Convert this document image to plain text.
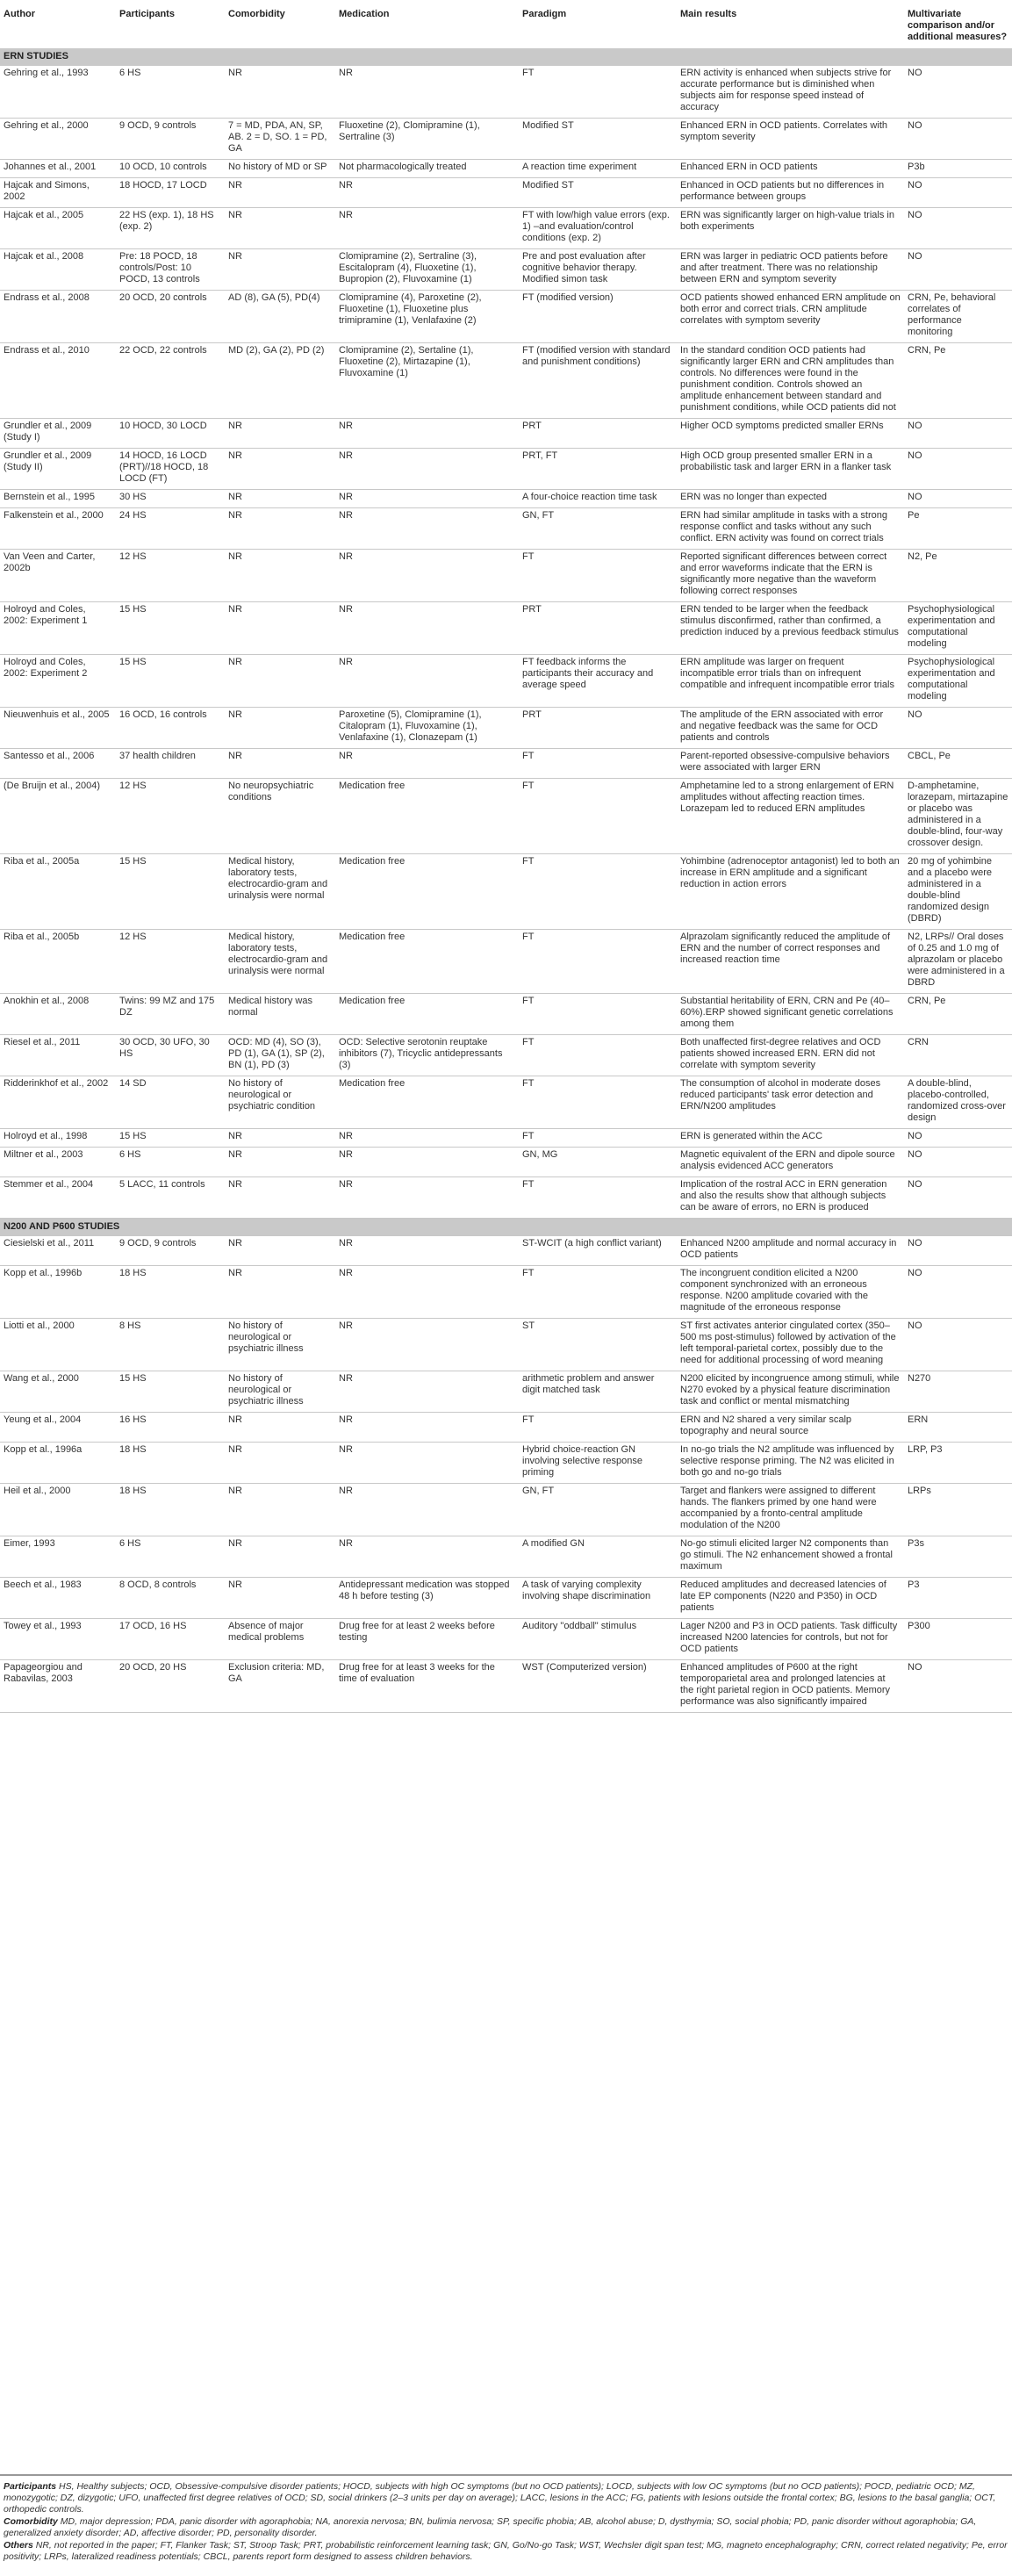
Author	Participants	Comorbidity	Medication	Paradigm	Main results	Multivariate comparison and/or additional measures?
ERN STUDIES						
Gehring et al., 1993	6 HS	NR	NR	FT	ERN activity is enhanced when subjects strive for accurate performance but is diminished when subjects aim for response speed instead of accuracy	NO
Gehring et al., 2000	9 OCD, 9 controls	7 = MD, PDA, AN, SP, AB. 2 = D, SO. 1 = PD, GA	Fluoxetine (2), Clomipramine (1), Sertraline (3)	Modified ST	Enhanced ERN in OCD patients. Correlates with symptom severity	NO
Johannes et al., 2001	10 OCD, 10 controls	No history of MD or SP	Not pharmacologically treated	A reaction time experiment	Enhanced ERN in OCD patients	P3b
Hajcak and Simons, 2002	18 HOCD, 17 LOCD	NR	NR	Modified ST	Enhanced in OCD patients but no differences in performance between groups	NO
Hajcak et al., 2005	22 HS (exp. 1), 18 HS (exp. 2)	NR	NR	FT with low/high value errors (exp. 1) –and evaluation/control conditions (exp. 2)	ERN was significantly larger on high-value trials in both experiments	NO
Hajcak et al., 2008	Pre: 18 POCD, 18 controls/Post: 10 POCD, 13 controls	NR	Clomipramine (2), Sertraline (3), Escitalopram (4), Fluoxetine (1), Bupropion (2), Fluvoxamine (1)	Pre and post evaluation after cognitive behavior therapy. Modified simon task	ERN was larger in pediatric OCD patients before and after treatment. There was no relationship between ERN and symptom severity	NO
Endrass et al., 2008	20 OCD, 20 controls	AD (8), GA (5), PD(4)	Clomipramine (4), Paroxetine (2), Fluoxetine (1), Fluoxetine plus trimipramine (1), Venlafaxine (2)	FT (modified version)	OCD patients showed enhanced ERN amplitude on both error and correct trials. CRN amplitude correlates with symptom severity	CRN, Pe, behavioral correlates of performance monitoring
Endrass et al., 2010	22 OCD, 22 controls	MD (2), GA (2), PD (2)	Clomipramine (2), Sertaline (1), Fluoxetine (2), Mirtazapine (1), Fluvoxamine (1)	FT (modified version with standard and punishment conditions)	In the standard condition OCD patients had significantly larger ERN and CRN amplitudes than controls. No differences were found in the punishment condition. Controls showed an amplitude enhancement between standard and punishment conditions, while OCD patients did not	CRN, Pe
Grundler et al., 2009 (Study I)	10 HOCD, 30 LOCD	NR	NR	PRT	Higher OCD symptoms predicted smaller ERNs	NO
Grundler et al., 2009 (Study II)	14 HOCD, 16 LOCD (PRT)//18 HOCD, 18 LOCD (FT)	NR	NR	PRT, FT	High OCD group presented smaller ERN in a probabilistic task and larger ERN in a flanker task	NO
Bernstein et al., 1995	30 HS	NR	NR	A four-choice reaction time task	ERN was no longer than expected	NO
Falkenstein et al., 2000	24 HS	NR	NR	GN, FT	ERN had similar amplitude in tasks with a strong response conflict and tasks without any such conflict. ERN activity was found on correct trials	Pe
Van Veen and Carter, 2002b	12 HS	NR	NR	FT	Reported significant differences between correct and error waveforms indicate that the ERN is significantly more negative than the waveform following correct responses	N2, Pe
Holroyd and Coles, 2002: Experiment 1	15 HS	NR	NR	PRT	ERN tended to be larger when the feedback stimulus disconfirmed, rather than confirmed, a prediction induced by a previous feedback stimulus	Psychophysiological experimentation and computational modeling
Holroyd and Coles, 2002: Experiment 2	15 HS	NR	NR	FT feedback informs the participants their accuracy and average speed	ERN amplitude was larger on frequent incompatible error trials than on infrequent compatible and infrequent incompatible error trials	Psychophysiological experimentation and computational modeling
Nieuwenhuis et al., 2005	16 OCD, 16 controls	NR	Paroxetine (5), Clomipramine (1), Citalopram (1), Fluvoxamine (1), Venlafaxine (1), Clonazepam (1)	PRT	The amplitude of the ERN associated with error and negative feedback was the same for OCD patients and controls	NO
Santesso et al., 2006	37 health children	NR	NR	FT	Parent-reported obsessive-compulsive behaviors were associated with larger ERN	CBCL, Pe
(De Bruijn et al., 2004)	12 HS	No neuropsychiatric conditions	Medication free	FT	Amphetamine led to a strong enlargement of ERN amplitudes without affecting reaction times. Lorazepam led to reduced ERN amplitudes	D-amphetamine, lorazepam, mirtazapine or placebo was administered in a double-blind, four-way crossover design.
Riba et al., 2005a	15 HS	Medical history, laboratory tests, electrocardio-gram and urinalysis were normal	Medication free	FT	Yohimbine (adrenoceptor antagonist) led to both an increase in ERN amplitude and a significant reduction in action errors	20 mg of yohimbine and a placebo were administered in a double-blind randomized design (DBRD)
Riba et al., 2005b	12 HS	Medical history, laboratory tests, electrocardio-gram and urinalysis were normal	Medication free	FT	Alprazolam significantly reduced the amplitude of ERN and the number of correct responses and increased reaction time	N2, LRPs// Oral doses of 0.25 and 1.0 mg of alprazolam or placebo were administered in a DBRD
Anokhin et al., 2008	Twins: 99 MZ and 175 DZ	Medical history was normal	Medication free	FT	Substantial heritability of ERN, CRN and Pe (40–60%).ERP showed significant genetic correlations among them	CRN, Pe
Riesel et al., 2011	30 OCD, 30 UFO, 30 HS	OCD: MD (4), SO (3), PD (1), GA (1), SP (2), BN (1), PD (3)	OCD: Selective serotonin reuptake inhibitors (7), Tricyclic antidepressants (3)	FT	Both unaffected first-degree relatives and OCD patients showed increased ERN. ERN did not correlate with symptom severity	CRN
Ridderinkhof et al., 2002	14 SD	No history of neurological or psychiatric condition	Medication free	FT	The consumption of alcohol in moderate doses reduced participants' task error detection and ERN/N200 amplitudes	A double-blind, placebo-controlled, randomized cross-over design
Holroyd et al., 1998	15 HS	NR	NR	FT	ERN is generated within the ACC	NO
Miltner et al., 2003	6 HS	NR	NR	GN, MG	Magnetic equivalent of the ERN and dipole source analysis evidenced ACC generators	NO
Stemmer et al., 2004	5 LACC, 11 controls	NR	NR	FT	Implication of the rostral ACC in ERN generation and also the results show that although subjects can be aware of errors, no ERN is produced	NO
N200 AND P600 STUDIES						
Ciesielski et al., 2011	9 OCD, 9 controls	NR	NR	ST-WCIT (a high conflict variant)	Enhanced N200 amplitude and normal accuracy in OCD patients	NO
Kopp et al., 1996b	18 HS	NR	NR	FT	The incongruent condition elicited a N200 component synchronized with an erroneous response. N200 amplitude covaried with the magnitude of the erroneous response	NO
Liotti et al., 2000	8 HS	No history of neurological or psychiatric illness	NR	ST	ST first activates anterior cingulated cortex (350–500 ms post-stimulus) followed by activation of the left temporal-parietal cortex, possibly due to the need for additional processing of word meaning	NO
Wang et al., 2000	15 HS	No history of neurological or psychiatric illness	NR	arithmetic problem and answer digit matched task	N200 elicited by incongruence among stimuli, while N270 evoked by a physical feature discrimination task and conflict or mental mismatching	N270
Yeung et al., 2004	16 HS	NR	NR	FT	ERN and N2 shared a very similar scalp topography and neural source	ERN
Kopp et al., 1996a	18 HS	NR	NR	Hybrid choice-reaction GN involving selective response priming	In no-go trials the N2 amplitude was influenced by selective response priming. The N2 was elicited in both go and no-go trials	LRP, P3
Heil et al., 2000	18 HS	NR	NR	GN, FT	Target and flankers were assigned to different hands. The flankers primed by one hand were accompanied by a fronto-central amplitude modulation of the N200	LRPs
Eimer, 1993	6 HS	NR	NR	A modified GN	No-go stimuli elicited larger N2 components than go stimuli. The N2 enhancement showed a frontal maximum	P3s
Beech et al., 1983	8 OCD, 8 controls	NR	Antidepressant medication was stopped 48 h before testing (3)	A task of varying complexity involving shape discrimination	Reduced amplitudes and decreased latencies of late EP components (N220 and P350) in OCD patients	P3
Towey et al., 1993	17 OCD, 16 HS	Absence of major medical problems	Drug free for at least 2 weeks before testing	Auditory "oddball" stimulus	Lager N200 and P3 in OCD patients. Task difficulty increased N200 latencies for controls, but not for OCD patients	P300
Papageorgiou and Rabavilas, 2003	20 OCD, 20 HS	Exclusion criteria: MD, GA	Drug free for at least 3 weeks for the time of evaluation	WST (Computerized version)	Enhanced amplitudes of P600 at the right temporoparietal area and prolonged latencies at the right parietal region in OCD patients. Memory performance was also significantly impaired	NO

Participants HS, Healthy subjects; OCD, Obsessive-compulsive disorder patients; HOCD, subjects with high OC symptoms (but no OCD patients); LOCD, subjects with low OC symptoms (but no OCD patients); POCD, pediatric OCD; MZ, monozygotic; DZ, dizygotic; UFO, unaffected first degree relatives of OCD; SD, social drinkers (2–3 units per day on average); LACC, lesions in the ACC; FG, patients with lesions outside the frontal cortex; BG, lesions to the basal ganglia; OCT, orthopedic controls.

Comorbidity MD, major depression; PDA, panic disorder with agoraphobia; NA, anorexia nervosa; BN, bulimia nervosa; SP, specific phobia; AB, alcohol abuse; D, dysthymia; SO, social phobia; PD, panic disorder without agoraphobia; GA, generalized anxiety disorder; AD, affective disorder; PD, personality disorder.

Others NR, not reported in the paper; FT, Flanker Task; ST, Stroop Task; PRT, probabilistic reinforcement learning task; GN, Go/No-go Task; WST, Wechsler digit span test; MG, magneto encephalography; CRN, correct related negativity; Pe, error positivity; LRPs, lateralized readiness potentials; CBCL, parents report form designed to assess children behaviors.
